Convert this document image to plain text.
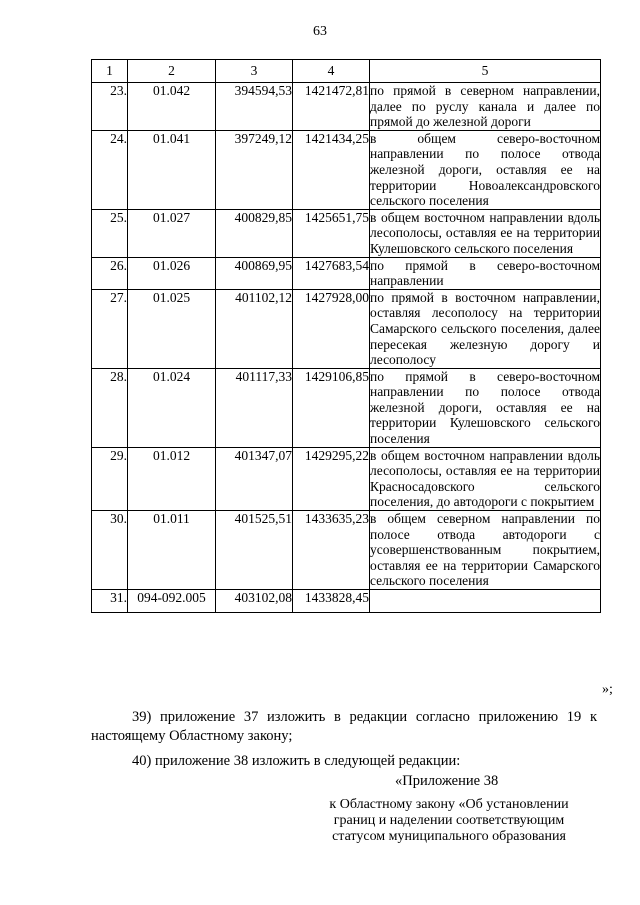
63
1	2	3	4	5
23.	01.042	394594,53	1421472,81	по прямой в северном направлении, далее по руслу канала и далее по прямой до железной дороги
24.	01.041	397249,12	1421434,25	в общем северо-восточном направлении по полосе отвода железной дороги, оставляя ее на территории Новоалександровского сельского поселения
25.	01.027	400829,85	1425651,75	в общем восточном направлении вдоль лесополосы, оставляя ее на территории Кулешовского сельского поселения
26.	01.026	400869,95	1427683,54	по прямой в северо-восточном направлении
27.	01.025	401102,12	1427928,00	по прямой в восточном направлении, оставляя лесополосу на территории Самарского сельского поселения, далее пересекая железную дорогу и лесополосу
28.	01.024	401117,33	1429106,85	по прямой в северо-восточном направлении по полосе отвода железной дороги, оставляя ее на территории Кулешовского сельского поселения
29.	01.012	401347,07	1429295,22	в общем восточном направлении вдоль лесополосы, оставляя ее на территории Красносадовского сельского поселения, до автодороги с покрытием
30.	01.011	401525,51	1433635,23	в общем северном направлении по полосе отвода автодороги с усовершенствованным покрытием, оставляя ее на территории Самарского сельского поселения
31.	094-092.005	403102,08	1433828,45	
»;
39) приложение 37 изложить в редакции согласно приложению 19 к настоящему Областному закону;
40) приложение 38 изложить в следующей редакции:
«Приложение 38
к Областному закону «Об установлении границ и наделении соответствующим статусом муниципального образования
